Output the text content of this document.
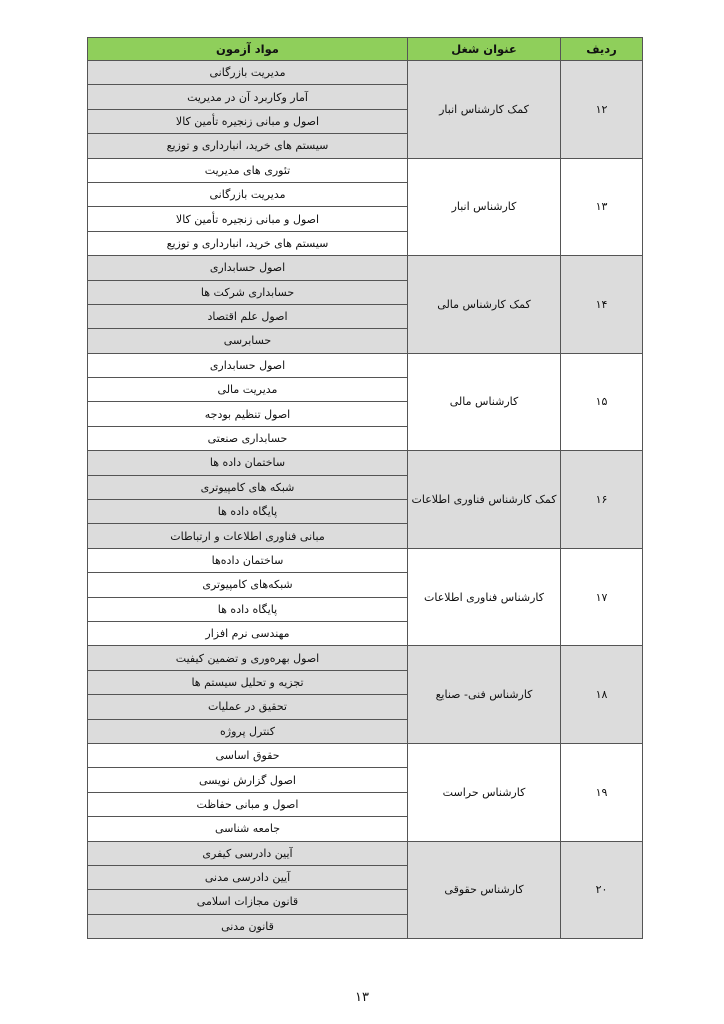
ردیف	عنوان شغل	مواد آزمون
۱۲	کمک کارشناس انبار	مدیریت بازرگانی
		آمار وکاربرد آن در مدیریت
		اصول و مبانی زنجیره تأمین کالا
		سیستم های خرید، انبارداری و توزیع
۱۳	کارشناس انبار	تئوری های مدیریت
		مدیریت بازرگانی
		اصول و مبانی زنجیره تأمین کالا
		سیستم های خرید، انبارداری و توزیع
۱۴	کمک کارشناس مالی	اصول حسابداری
		حسابداری شرکت ها
		اصول علم اقتصاد
		حسابرسی
۱۵	کارشناس مالی	اصول حسابداری
		مدیریت مالی
		اصول تنظیم بودجه
		حسابداری صنعتی
۱۶	کمک کارشناس فناوری اطلاعات	ساختمان داده ها
		شبکه های کامپیوتری
		پایگاه داده ها
		مبانی فناوری اطلاعات و ارتباطات
۱۷	کارشناس فناوری اطلاعات	ساختمان داده‌ها
		شبکه‌های کامپیوتری
		پایگاه داده ها
		مهندسی نرم افزار
۱۸	کارشناس فنی- صنایع	اصول بهره‌وری و تضمین کیفیت
		تجزیه و تحلیل سیستم ها
		تحقیق در عملیات
		کنترل پروژه
۱۹	کارشناس حراست	حقوق اساسی
		اصول گزارش نویسی
		اصول و مبانی حفاظت
		جامعه شناسی
۲۰	کارشناس حقوقی	آیین دادرسی کیفری
		آیین دادرسی مدنی
		قانون مجازات اسلامی
		قانون مدنی
۱۳
